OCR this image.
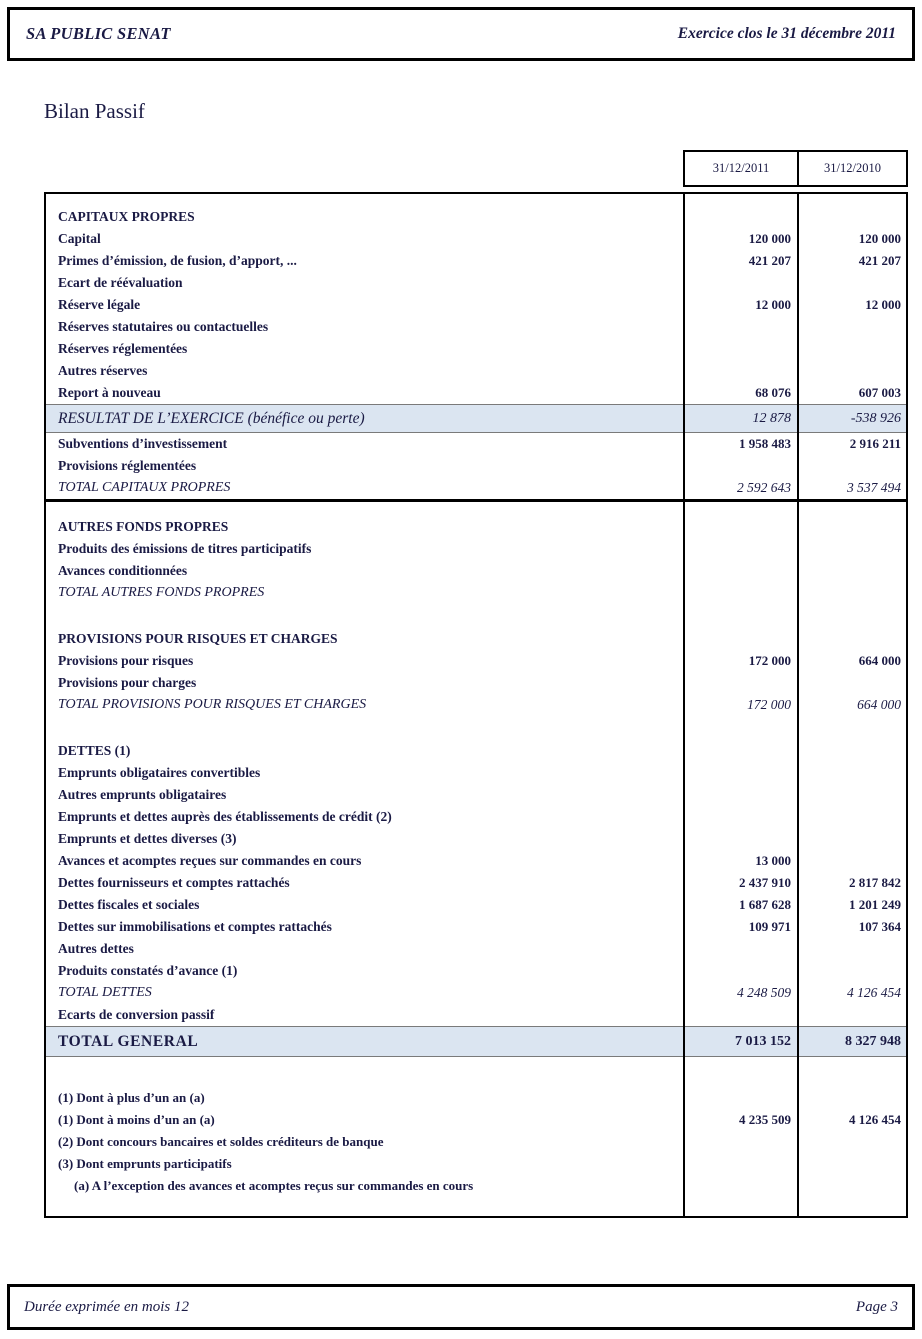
SA PUBLIC SENAT	Exercice clos le 31 décembre 2011
Bilan Passif
31/12/2011	31/12/2010
CAPITAUX PROPRES
Capital	120 000	120 000
Primes d’émission, de fusion, d’apport, ...	421 207	421 207
Ecart de réévaluation
Réserve légale	12 000	12 000
Réserves statutaires ou contactuelles
Réserves réglementées
Autres réserves
Report à nouveau	68 076	607 003
RESULTAT DE L’EXERCICE (bénéfice ou perte)	12 878	-538 926
Subventions d’investissement	1 958 483	2 916 211
Provisions réglementées
TOTAL CAPITAUX PROPRES	2 592 643	3 537 494
AUTRES FONDS PROPRES
Produits des émissions de titres participatifs
Avances conditionnées
TOTAL AUTRES FONDS PROPRES
PROVISIONS POUR RISQUES ET CHARGES
Provisions pour risques	172 000	664 000
Provisions pour charges
TOTAL PROVISIONS POUR RISQUES ET CHARGES	172 000	664 000
DETTES (1)
Emprunts obligataires convertibles
Autres emprunts obligataires
Emprunts et dettes auprès des établissements de crédit (2)
Emprunts et dettes diverses (3)
Avances et acomptes reçues sur commandes en cours	13 000
Dettes fournisseurs et comptes rattachés	2 437 910	2 817 842
Dettes fiscales et sociales	1 687 628	1 201 249
Dettes sur immobilisations et comptes rattachés	109 971	107 364
Autres dettes
Produits constatés d’avance (1)
TOTAL DETTES	4 248 509	4 126 454
Ecarts de conversion passif
TOTAL GENERAL	7 013 152	8 327 948
(1) Dont à plus d’un an (a)
(1) Dont à moins d’un an (a)	4 235 509	4 126 454
(2) Dont concours bancaires et soldes créditeurs de banque
(3) Dont emprunts participatifs
(a) A l’exception des avances et acomptes reçus sur commandes en cours
Durée exprimée en mois 12	Page 3
